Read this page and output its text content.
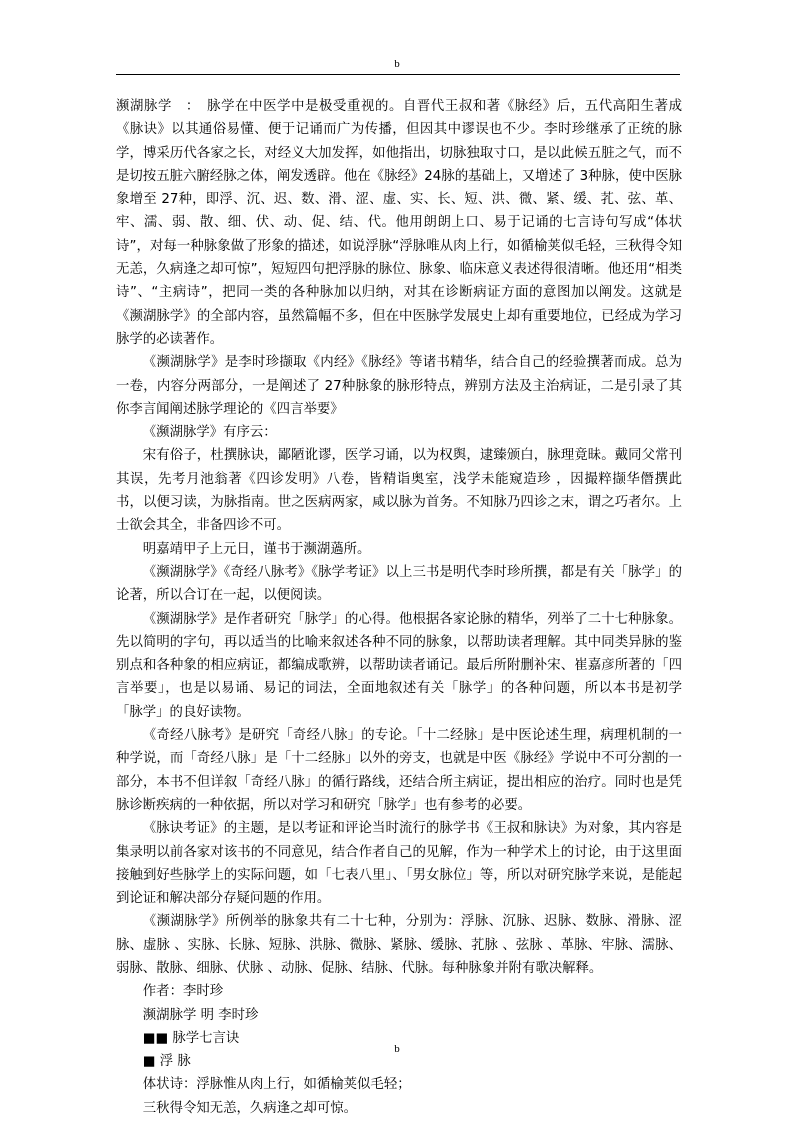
b

濒湖脉学　：　脉学在中医学中是极受重视的。自晋代王叔和著《脉经》后，五代高阳生著成《脉诀》以其通俗易懂、便于记诵而广为传播，但因其中谬误也不少。李时珍继承了正统的脉学，博采历代各家之长，对经义大加发挥，如他指出，切脉独取寸口，是以此候五脏之气，而不是切按五脏六腑经脉之体，阐发透辟。他在《脉经》24脉的基础上，又增述了 3种脉，使中医脉象增至 27种，即浮、沉、迟、数、滑、涩、虚、实、长、短、洪、微、紧、缓、芤、弦、革、牢、濡、弱、散、细、伏、动、促、结、代。他用朗朗上口、易于记诵的七言诗句写成“体状诗”，对每一种脉象做了形象的描述，如说浮脉“浮脉唯从肉上行，如循榆荚似毛轻，三秋得令知无恙，久病逢之却可惊”，短短四句把浮脉的脉位、脉象、临床意义表述得很清晰。他还用“相类诗”、“主病诗”，把同一类的各种脉加以归纳，对其在诊断病证方面的意图加以阐发。这就是《濒湖脉学》的全部内容，虽然篇幅不多，但在中医脉学发展史上却有重要地位，已经成为学习脉学的必读著作。

《濒湖脉学》是李时珍撷取《内经》《脉经》等诸书精华，结合自己的经验撰著而成。总为一卷，内容分两部分，一是阐述了 27种脉象的脉形特点，辨别方法及主治病证，二是引录了其你李言闻阐述脉学理论的《四言举要》

《濒湖脉学》有序云：

宋有俗子，杜撰脉诀，鄙陋讹谬，医学习诵，以为权舆，逮臻颁白，脉理竟昧。戴同父常刊其误，先考月池翁著《四诊发明》八卷，皆精诣奥室，浅学未能窥造珍 ，因撮粹撷华僭撰此书，以便习读，为脉指南。世之医病两家，咸以脉为首务。不知脉乃四诊之末，谓之巧者尔。上士欲会其全，非备四诊不可。

明嘉靖甲子上元日，谨书于濒湖薖所。

《濒湖脉学》《奇经八脉考》《脉学考证》以上三书是明代李时珍所撰，都是有关「脉学」的论著，所以合订在一起，以便阅读。

《濒湖脉学》是作者研究「脉学」的心得。他根据各家论脉的精华，列举了二十七种脉象。先以简明的字句，再以适当的比喻来叙述各种不同的脉象，以帮助读者理解。其中同类异脉的鉴别点和各种象的相应病证，都编成歌辨，以帮助读者诵记。最后所附删补宋、崔嘉彦所著的「四言举要」，也是以易诵、易记的词法，全面地叙述有关「脉学」的各种问题，所以本书是初学「脉学」的良好读物。

《奇经八脉考》是研究「奇经八脉」的专论。「十二经脉」是中医论述生理，病理机制的一种学说，而「奇经八脉」是「十二经脉」以外的旁支，也就是中医《脉经》学说中不可分割的一部分，本书不但详叙「奇经八脉」的循行路线，还结合所主病证，提出相应的治疗。同时也是凭脉诊断疾病的一种依据，所以对学习和研究「脉学」也有参考的必要。

《脉诀考证》的主题，是以考证和评论当时流行的脉学书《王叔和脉诀》为对象，其内容是集录明以前各家对该书的不同意见，结合作者自己的见解，作为一种学术上的讨论，由于这里面接触到好些脉学上的实际问题，如「七表八里」、「男女脉位」等，所以对研究脉学来说，是能起到论证和解决部分存疑问题的作用。

《濒湖脉学》所例举的脉象共有二十七种，分别为：浮脉、沉脉、迟脉、数脉、滑脉、涩脉、虚脉 、实脉、长脉、短脉、洪脉、微脉、紧脉、缓脉、芤脉 、弦脉 、革脉、牢脉、濡脉、弱脉、散脉、细脉、伏脉 、动脉、促脉、结脉、代脉。每种脉象并附有歌决解释。

作者：李时珍

濒湖脉学 明 李时珍

■■ 脉学七言诀

■ 浮 脉

体状诗：浮脉惟从肉上行，如循榆荚似毛轻；

三秋得令知无恙，久病逢之却可惊。

b
